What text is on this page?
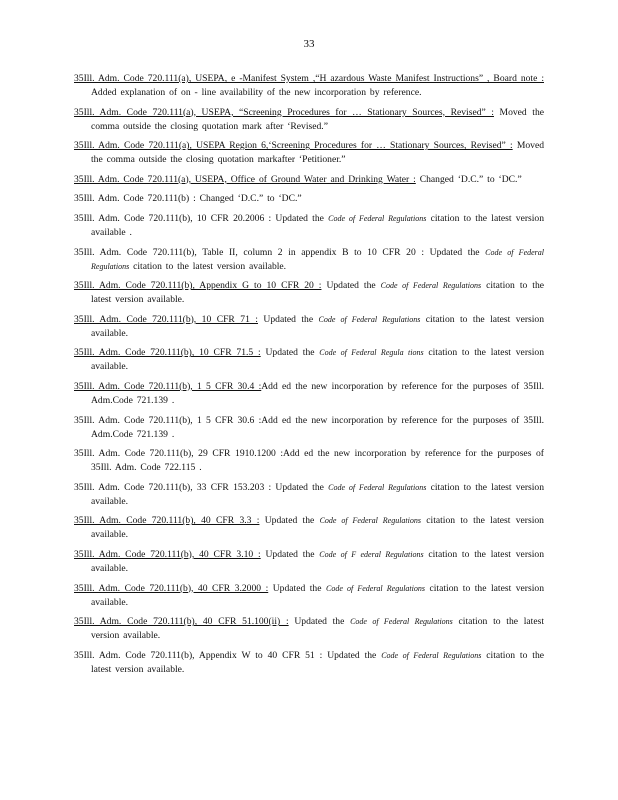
33
35Ill. Adm. Code 720.111(a), USEPA, e -Manifest System ,“H azardous Waste Manifest Instructions” , Board note : Added explanation of on - line availability of the new incorporation by reference.
35Ill. Adm. Code 720.111(a), USEPA, “Screening Procedures for … Stationary Sources, Revised” : Moved the comma outside the closing quotation mark after ‘Revised.”
35Ill. Adm. Code 720.111(a), USEPA Region 6,‘Screening Procedures for … Stationary Sources, Revised” : Moved the comma outside the closing quotation markafter ‘Petitioner.”
35Ill. Adm. Code 720.111(a), USEPA, Office of Ground Water and Drinking Water : Changed ‘D.C.” to ‘DC.”
35Ill. Adm. Code 720.111(b) : Changed ‘D.C.” to ‘DC.”
35Ill. Adm. Code 720.111(b), 10 CFR 20.2006 : Updated the Code of Federal Regulations citation to the latest version available .
35Ill. Adm. Code 720.111(b), Table II, column 2 in appendix B to 10 CFR 20 : Updated the Code of Federal Regulations citation to the latest version available.
35Ill. Adm. Code 720.111(b), Appendix G to 10 CFR 20 : Updated the Code of Federal Regulations citation to the latest version available.
35Ill. Adm. Code 720.111(b), 10 CFR 71 : Updated the Code of Federal Regulations citation to the latest version available.
35Ill. Adm. Code 720.111(b), 10 CFR 71.5 : Updated the Code of Federal Regula tions citation to the latest version available.
35Ill. Adm. Code 720.111(b), 1 5 CFR 30.4 :Add ed the new incorporation by reference for the purposes of 35Ill. Adm.Code 721.139 .
35Ill. Adm. Code 720.111(b), 1 5 CFR 30.6 :Add ed the new incorporation by reference for the purposes of 35Ill. Adm.Code 721.139 .
35Ill. Adm. Code 720.111(b), 29 CFR 1910.1200 :Add ed the new incorporation by reference for the purposes of 35Ill. Adm. Code 722.115 .
35Ill. Adm. Code 720.111(b), 33 CFR 153.203 : Updated the Code of Federal Regulations citation to the latest version available.
35Ill. Adm. Code 720.111(b), 40 CFR 3.3 : Updated the Code of Federal Regulations citation to the latest version available.
35Ill. Adm. Code 720.111(b), 40 CFR 3.10 : Updated the Code of F ederal Regulations citation to the latest version available.
35Ill. Adm. Code 720.111(b), 40 CFR 3.2000 : Updated the Code of Federal Regulations citation to the latest version available.
35Ill. Adm. Code 720.111(b), 40 CFR 51.100(ii) : Updated the Code of Federal Regulations citation to the latest version available.
35Ill. Adm. Code 720.111(b), Appendix W to 40 CFR 51 : Updated the Code of Federal Regulations citation to the latest version available.
